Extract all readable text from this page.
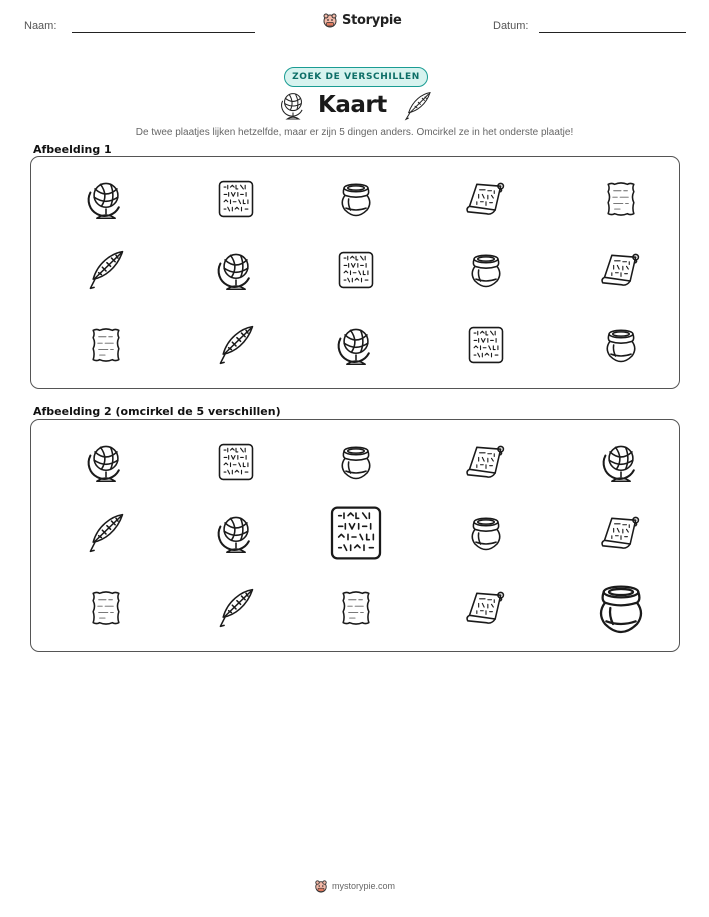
Naam:	Storypie	Datum:
ZOEK DE VERSCHILLEN
Kaart
De twee plaatjes lijken hetzelfde, maar er zijn 5 dingen anders. Omcirkel ze in het onderste plaatje!
Afbeelding 1
Afbeelding 2 (omcirkel de 5 verschillen)
mystorypie.com
